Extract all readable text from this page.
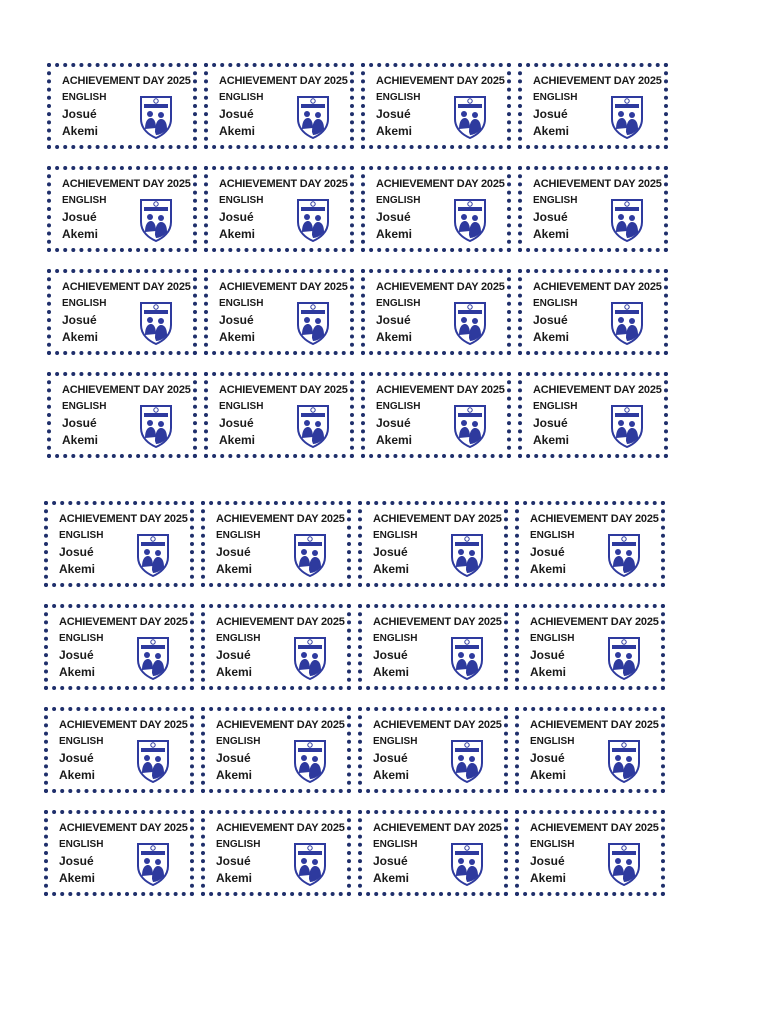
ACHIEVEMENT DAY 2025
ENGLISH
Josué
Akemi
ACHIEVEMENT DAY 2025
ENGLISH
Josué
Akemi
ACHIEVEMENT DAY 2025
ENGLISH
Josué
Akemi
ACHIEVEMENT DAY 2025
ENGLISH
Josué
Akemi
ACHIEVEMENT DAY 2025
ENGLISH
Josué
Akemi
ACHIEVEMENT DAY 2025
ENGLISH
Josué
Akemi
ACHIEVEMENT DAY 2025
ENGLISH
Josué
Akemi
ACHIEVEMENT DAY 2025
ENGLISH
Josué
Akemi
ACHIEVEMENT DAY 2025
ENGLISH
Josué
Akemi
ACHIEVEMENT DAY 2025
ENGLISH
Josué
Akemi
ACHIEVEMENT DAY 2025
ENGLISH
Josué
Akemi
ACHIEVEMENT DAY 2025
ENGLISH
Josué
Akemi
ACHIEVEMENT DAY 2025
ENGLISH
Josué
Akemi
ACHIEVEMENT DAY 2025
ENGLISH
Josué
Akemi
ACHIEVEMENT DAY 2025
ENGLISH
Josué
Akemi
ACHIEVEMENT DAY 2025
ENGLISH
Josué
Akemi
ACHIEVEMENT DAY 2025
ENGLISH
Josué
Akemi
ACHIEVEMENT DAY 2025
ENGLISH
Josué
Akemi
ACHIEVEMENT DAY 2025
ENGLISH
Josué
Akemi
ACHIEVEMENT DAY 2025
ENGLISH
Josué
Akemi
ACHIEVEMENT DAY 2025
ENGLISH
Josué
Akemi
ACHIEVEMENT DAY 2025
ENGLISH
Josué
Akemi
ACHIEVEMENT DAY 2025
ENGLISH
Josué
Akemi
ACHIEVEMENT DAY 2025
ENGLISH
Josué
Akemi
ACHIEVEMENT DAY 2025
ENGLISH
Josué
Akemi
ACHIEVEMENT DAY 2025
ENGLISH
Josué
Akemi
ACHIEVEMENT DAY 2025
ENGLISH
Josué
Akemi
ACHIEVEMENT DAY 2025
ENGLISH
Josué
Akemi
ACHIEVEMENT DAY 2025
ENGLISH
Josué
Akemi
ACHIEVEMENT DAY 2025
ENGLISH
Josué
Akemi
ACHIEVEMENT DAY 2025
ENGLISH
Josué
Akemi
ACHIEVEMENT DAY 2025
ENGLISH
Josué
Akemi
